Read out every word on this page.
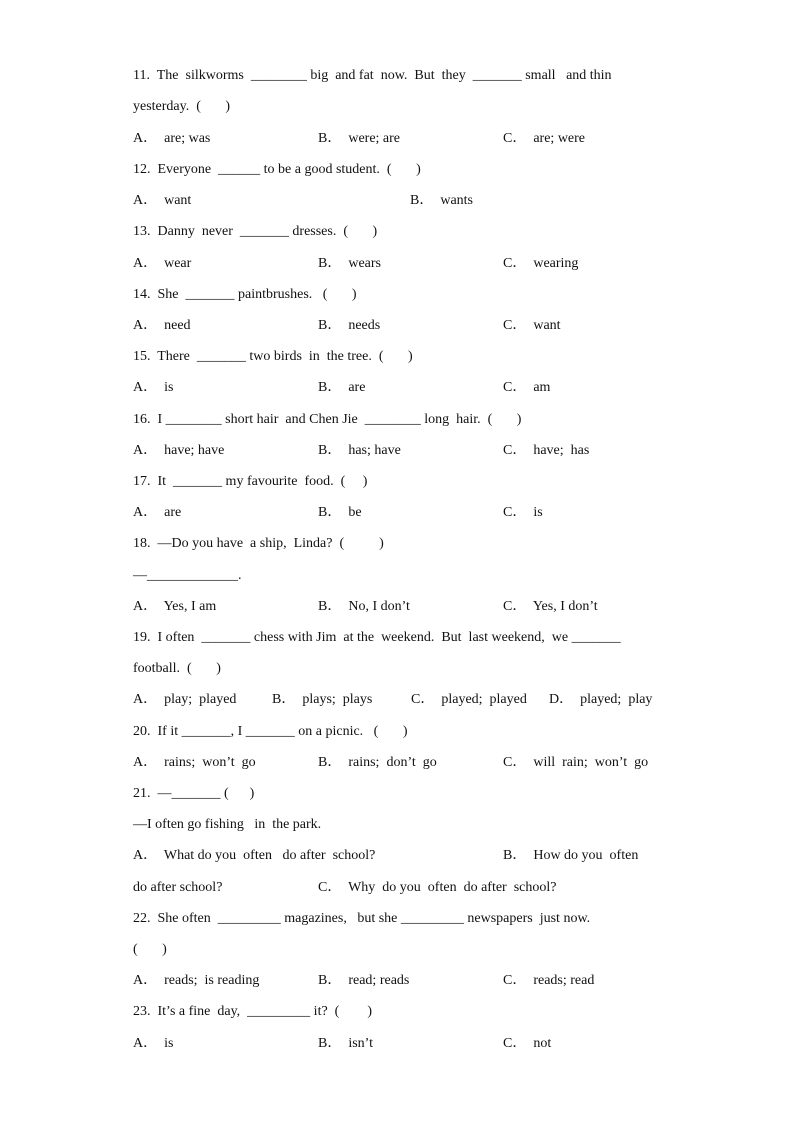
11.  The  silkworms  ________ big  and fat  now.  But  they  _______ small   and thin
yesterday.  (       )
A．  are; was	B．  were; are	C．  are; were
12.  Everyone  ______ to be a good student.  (       )
A．  want	B．  wants
13.  Danny  never  _______ dresses.  (       )
A．  wear	B．  wears	C．  wearing
14.  She  _______ paintbrushes.   (       )
A．  need	B．  needs	C．  want
15.  There  _______ two birds  in  the tree.  (       )
A．  is	B．  are	C．  am
16.  I ________ short hair  and Chen Jie  ________ long  hair.  (       )
A．  have; have	B．  has; have	C．  have;  has
17.  It  _______ my favourite  food.  (     )
A．  are	B．  be	C．  is
18.  —Do you have  a ship,  Linda?  (          )
—_____________.
A．  Yes, I am	B．  No, I don’t	C．  Yes, I don’t
19.  I often  _______ chess with Jim  at the  weekend.  But  last weekend,  we _______
football.  (       )
A．  play;  played	B．  plays;  plays	C．  played;  played D．  played;  play
20.  If it _______, I _______ on a picnic.   (       )
A．  rains;  won’t  go	B．  rains;  don’t  go	C．  will  rain;  won’t  go
21.  —_______ (      )
—I often go fishing   in  the park.
A．  What do you  often   do after  school?	B．  How do you  often
do after school?	C．  Why  do you  often  do after  school?
22.  She often  _________ magazines,   but she _________ newspapers  just now.
(       )
A．  reads;  is reading	B．  read; reads	C．  reads; read
23.  It’s a fine  day,  _________ it?  (        )
A．  is	B．  isn’t	C．  not
